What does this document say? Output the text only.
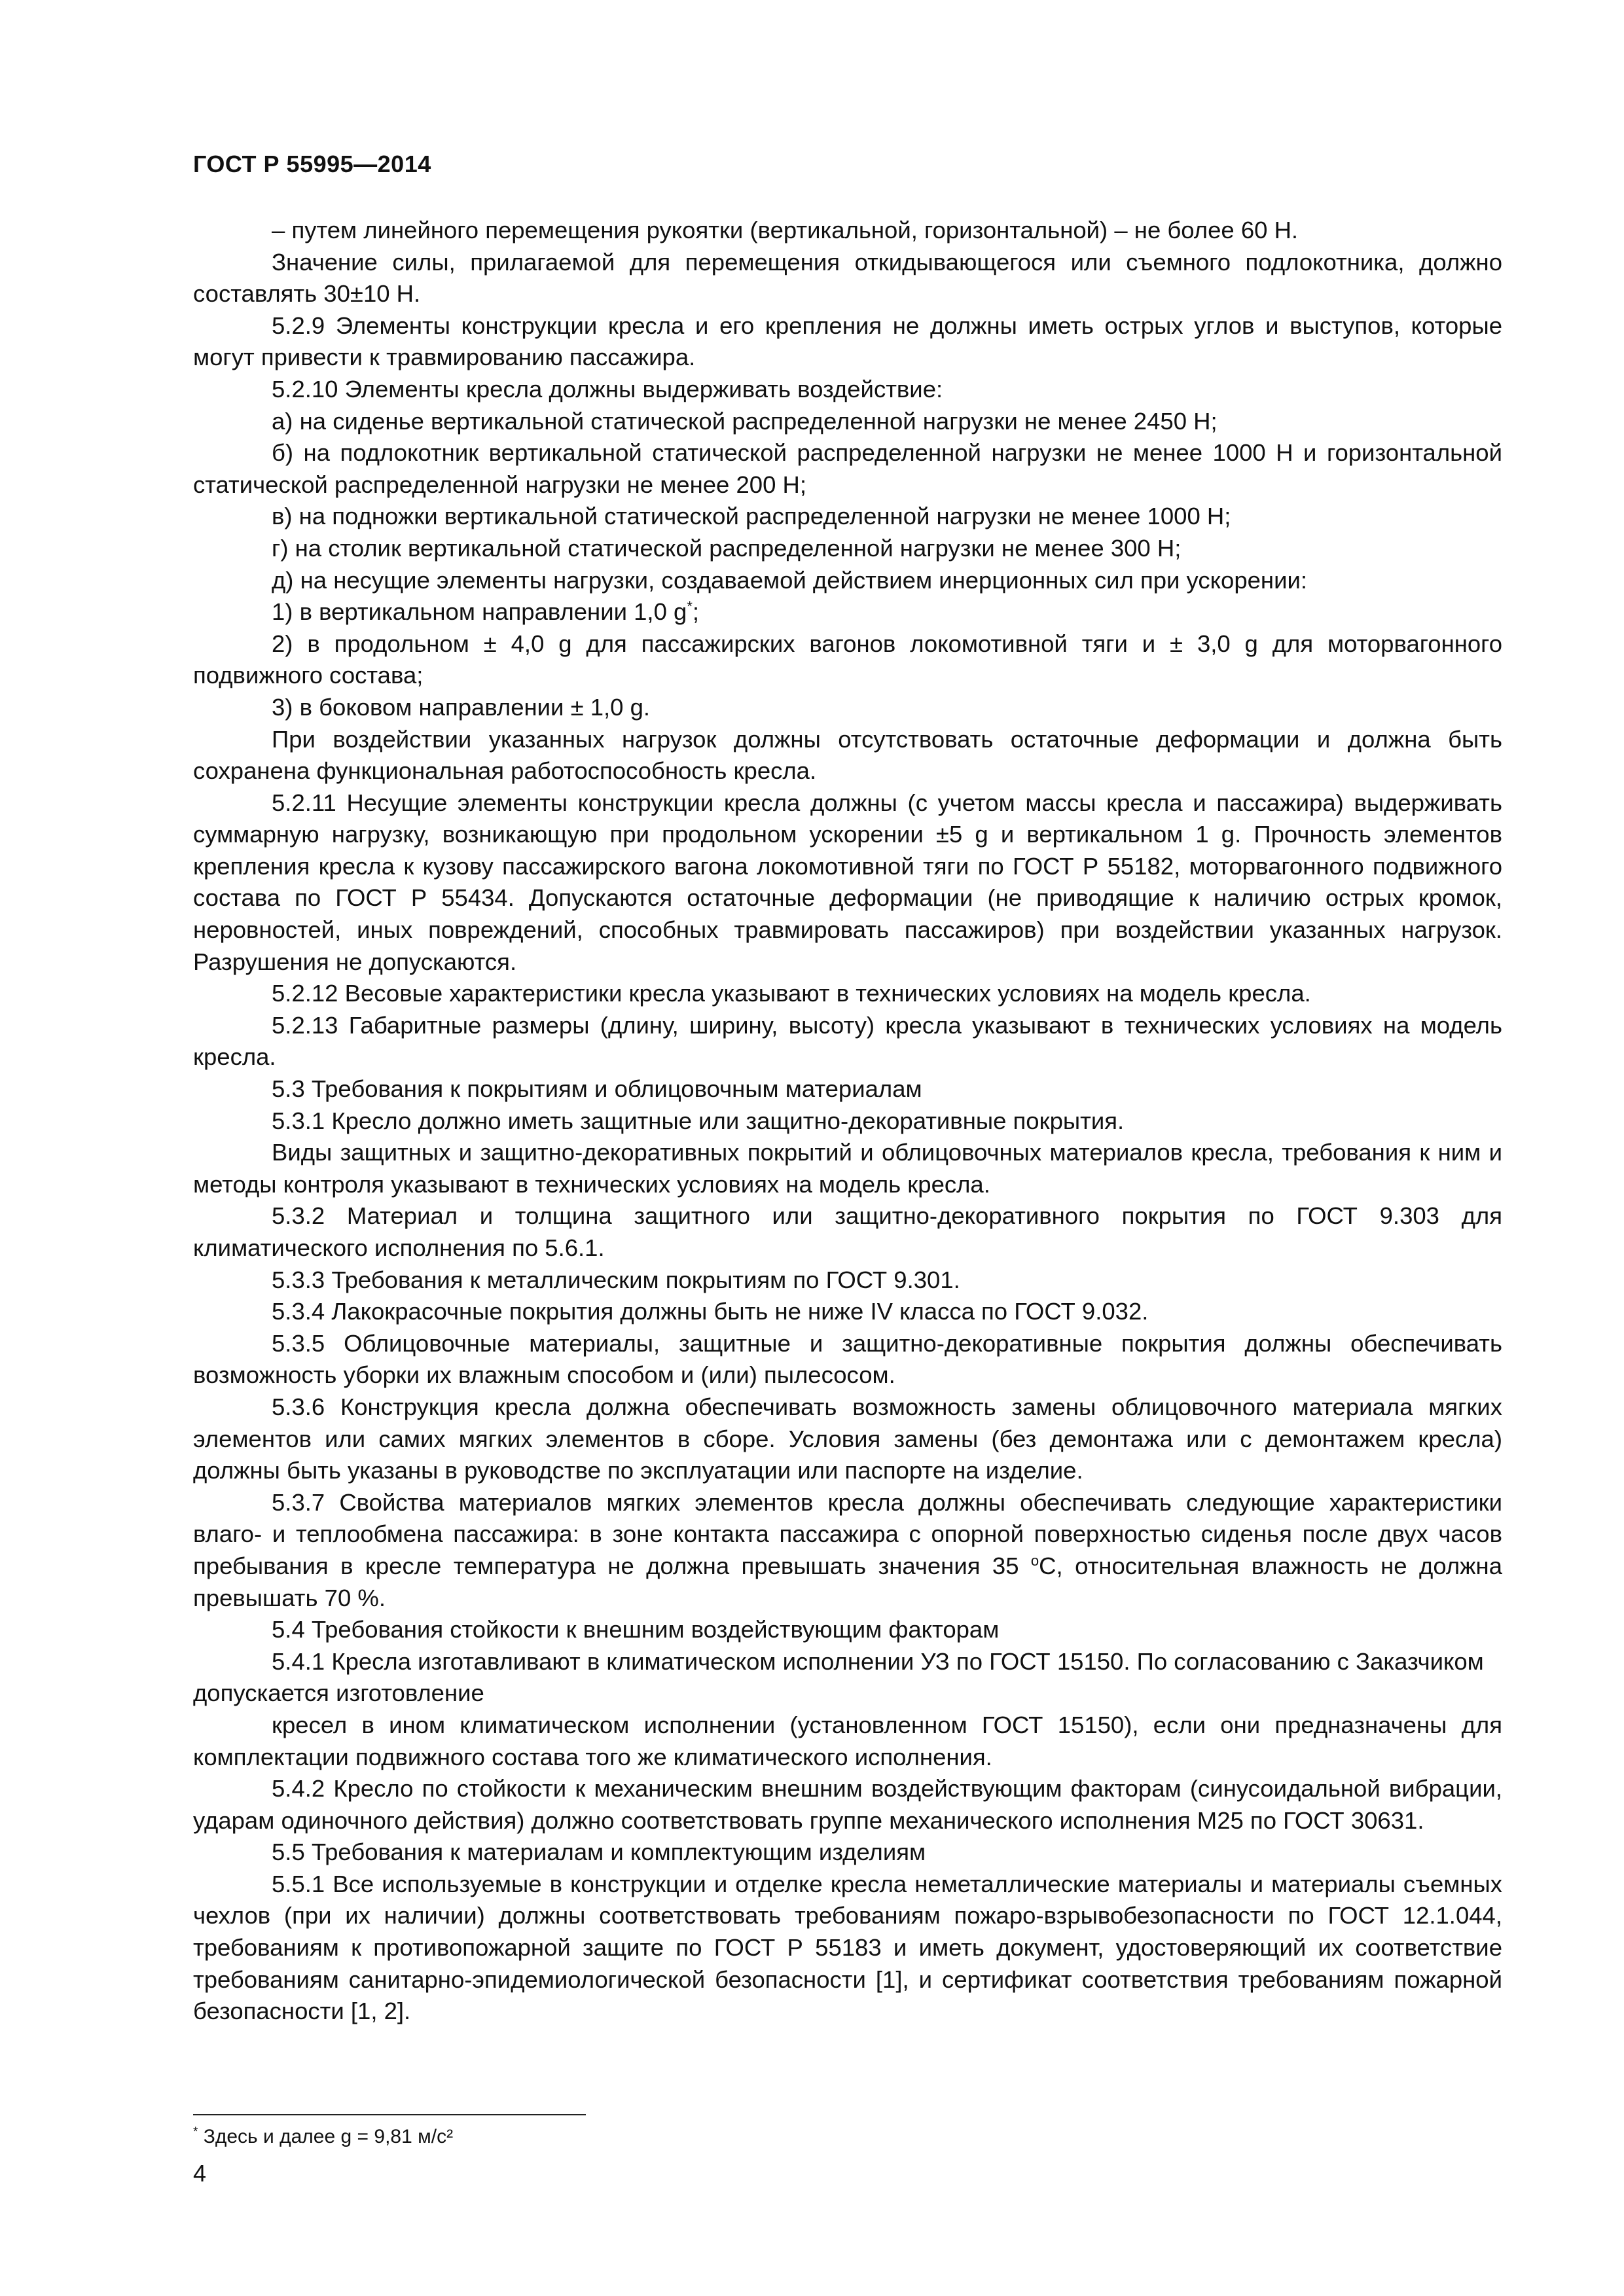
ГОСТ Р 55995—2014

– путем линейного перемещения рукоятки (вертикальной, горизонтальной) – не более 60 Н.

Значение силы, прилагаемой для перемещения откидывающегося или съемного подлокотника, должно составлять 30±10 Н.

5.2.9 Элементы конструкции кресла и его крепления не должны иметь острых углов и выступов, которые могут привести к травмированию пассажира.

5.2.10 Элементы кресла должны выдерживать воздействие:

а) на сиденье вертикальной статической распределенной нагрузки не менее 2450 Н;

б) на подлокотник вертикальной статической распределенной нагрузки не менее 1000 Н и горизонтальной статической распределенной нагрузки не менее 200 Н;

в) на подножки вертикальной статической распределенной нагрузки не менее 1000 Н;

г) на столик вертикальной статической распределенной нагрузки не менее 300 Н;

д) на несущие элементы нагрузки, создаваемой действием инерционных сил при ускорении:

1) в вертикальном направлении 1,0 g*;

2) в продольном ± 4,0 g для пассажирских вагонов локомотивной тяги и ± 3,0 g для моторвагонного подвижного состава;

3) в боковом направлении ± 1,0 g.

При воздействии указанных нагрузок должны отсутствовать остаточные деформации и должна быть сохранена функциональная работоспособность кресла.

5.2.11 Несущие элементы конструкции кресла должны (с учетом массы кресла и пассажира) выдерживать суммарную нагрузку, возникающую при продольном ускорении ±5 g и вертикальном 1 g. Прочность элементов крепления кресла к кузову пассажирского вагона локомотивной тяги по ГОСТ Р 55182, моторвагонного подвижного состава по ГОСТ Р 55434. Допускаются остаточные деформации (не приводящие к наличию острых кромок, неровностей, иных повреждений, способных травмировать пассажиров) при воздействии указанных нагрузок. Разрушения не допускаются.

5.2.12 Весовые характеристики кресла указывают в технических условиях на модель кресла.

5.2.13 Габаритные размеры (длину, ширину, высоту) кресла указывают в технических условиях на модель кресла.

5.3 Требования к покрытиям и облицовочным материалам

5.3.1 Кресло должно иметь защитные или защитно-декоративные покрытия.

Виды защитных и защитно-декоративных покрытий и облицовочных материалов кресла, требования к ним и методы контроля указывают в технических условиях на модель кресла.

5.3.2 Материал и толщина защитного или защитно-декоративного покрытия по ГОСТ 9.303 для климатического исполнения по 5.6.1.

5.3.3 Требования к металлическим покрытиям по ГОСТ 9.301.

5.3.4 Лакокрасочные покрытия должны быть не ниже IV класса по ГОСТ 9.032.

5.3.5 Облицовочные материалы, защитные и защитно-декоративные покрытия должны обеспечивать возможность уборки их влажным способом и (или) пылесосом.

5.3.6 Конструкция кресла должна обеспечивать возможность замены облицовочного материала мягких элементов или самих мягких элементов в сборе. Условия замены (без демонтажа или с демонтажем кресла) должны быть указаны в руководстве по эксплуатации или паспорте на изделие.

5.3.7 Свойства материалов мягких элементов кресла должны обеспечивать следующие характеристики влаго- и теплообмена пассажира: в зоне контакта пассажира с опорной поверхностью сиденья после двух часов пребывания в кресле температура не должна превышать значения 35 $^о$С, относительная влажность не должна превышать 70 %.

5.4 Требования стойкости к внешним воздействующим факторам

5.4.1 Кресла изготавливают в климатическом исполнении УЗ по ГОСТ 15150. По согласованию с Заказчиком допускается изготовление

кресел в ином климатическом исполнении (установленном ГОСТ 15150), если они предназначены для комплектации подвижного состава того же климатического исполнения.

5.4.2 Кресло по стойкости к механическим внешним воздействующим факторам (синусоидальной вибрации, ударам одиночного действия) должно соответствовать группе механического исполнения М25 по ГОСТ 30631.

5.5 Требования к материалам и комплектующим изделиям

5.5.1 Все используемые в конструкции и отделке кресла неметаллические материалы и материалы съемных чехлов (при их наличии) должны соответствовать требованиям пожаро-взрывобезопасности по ГОСТ 12.1.044, требованиям к противопожарной защите по ГОСТ Р 55183 и иметь документ, удостоверяющий их соответствие требованиям санитарно-эпидемиологической безопасности [1], и сертификат соответствия требованиям пожарной безопасности [1, 2].

* Здесь и далее g = 9,81 м/с²
4
